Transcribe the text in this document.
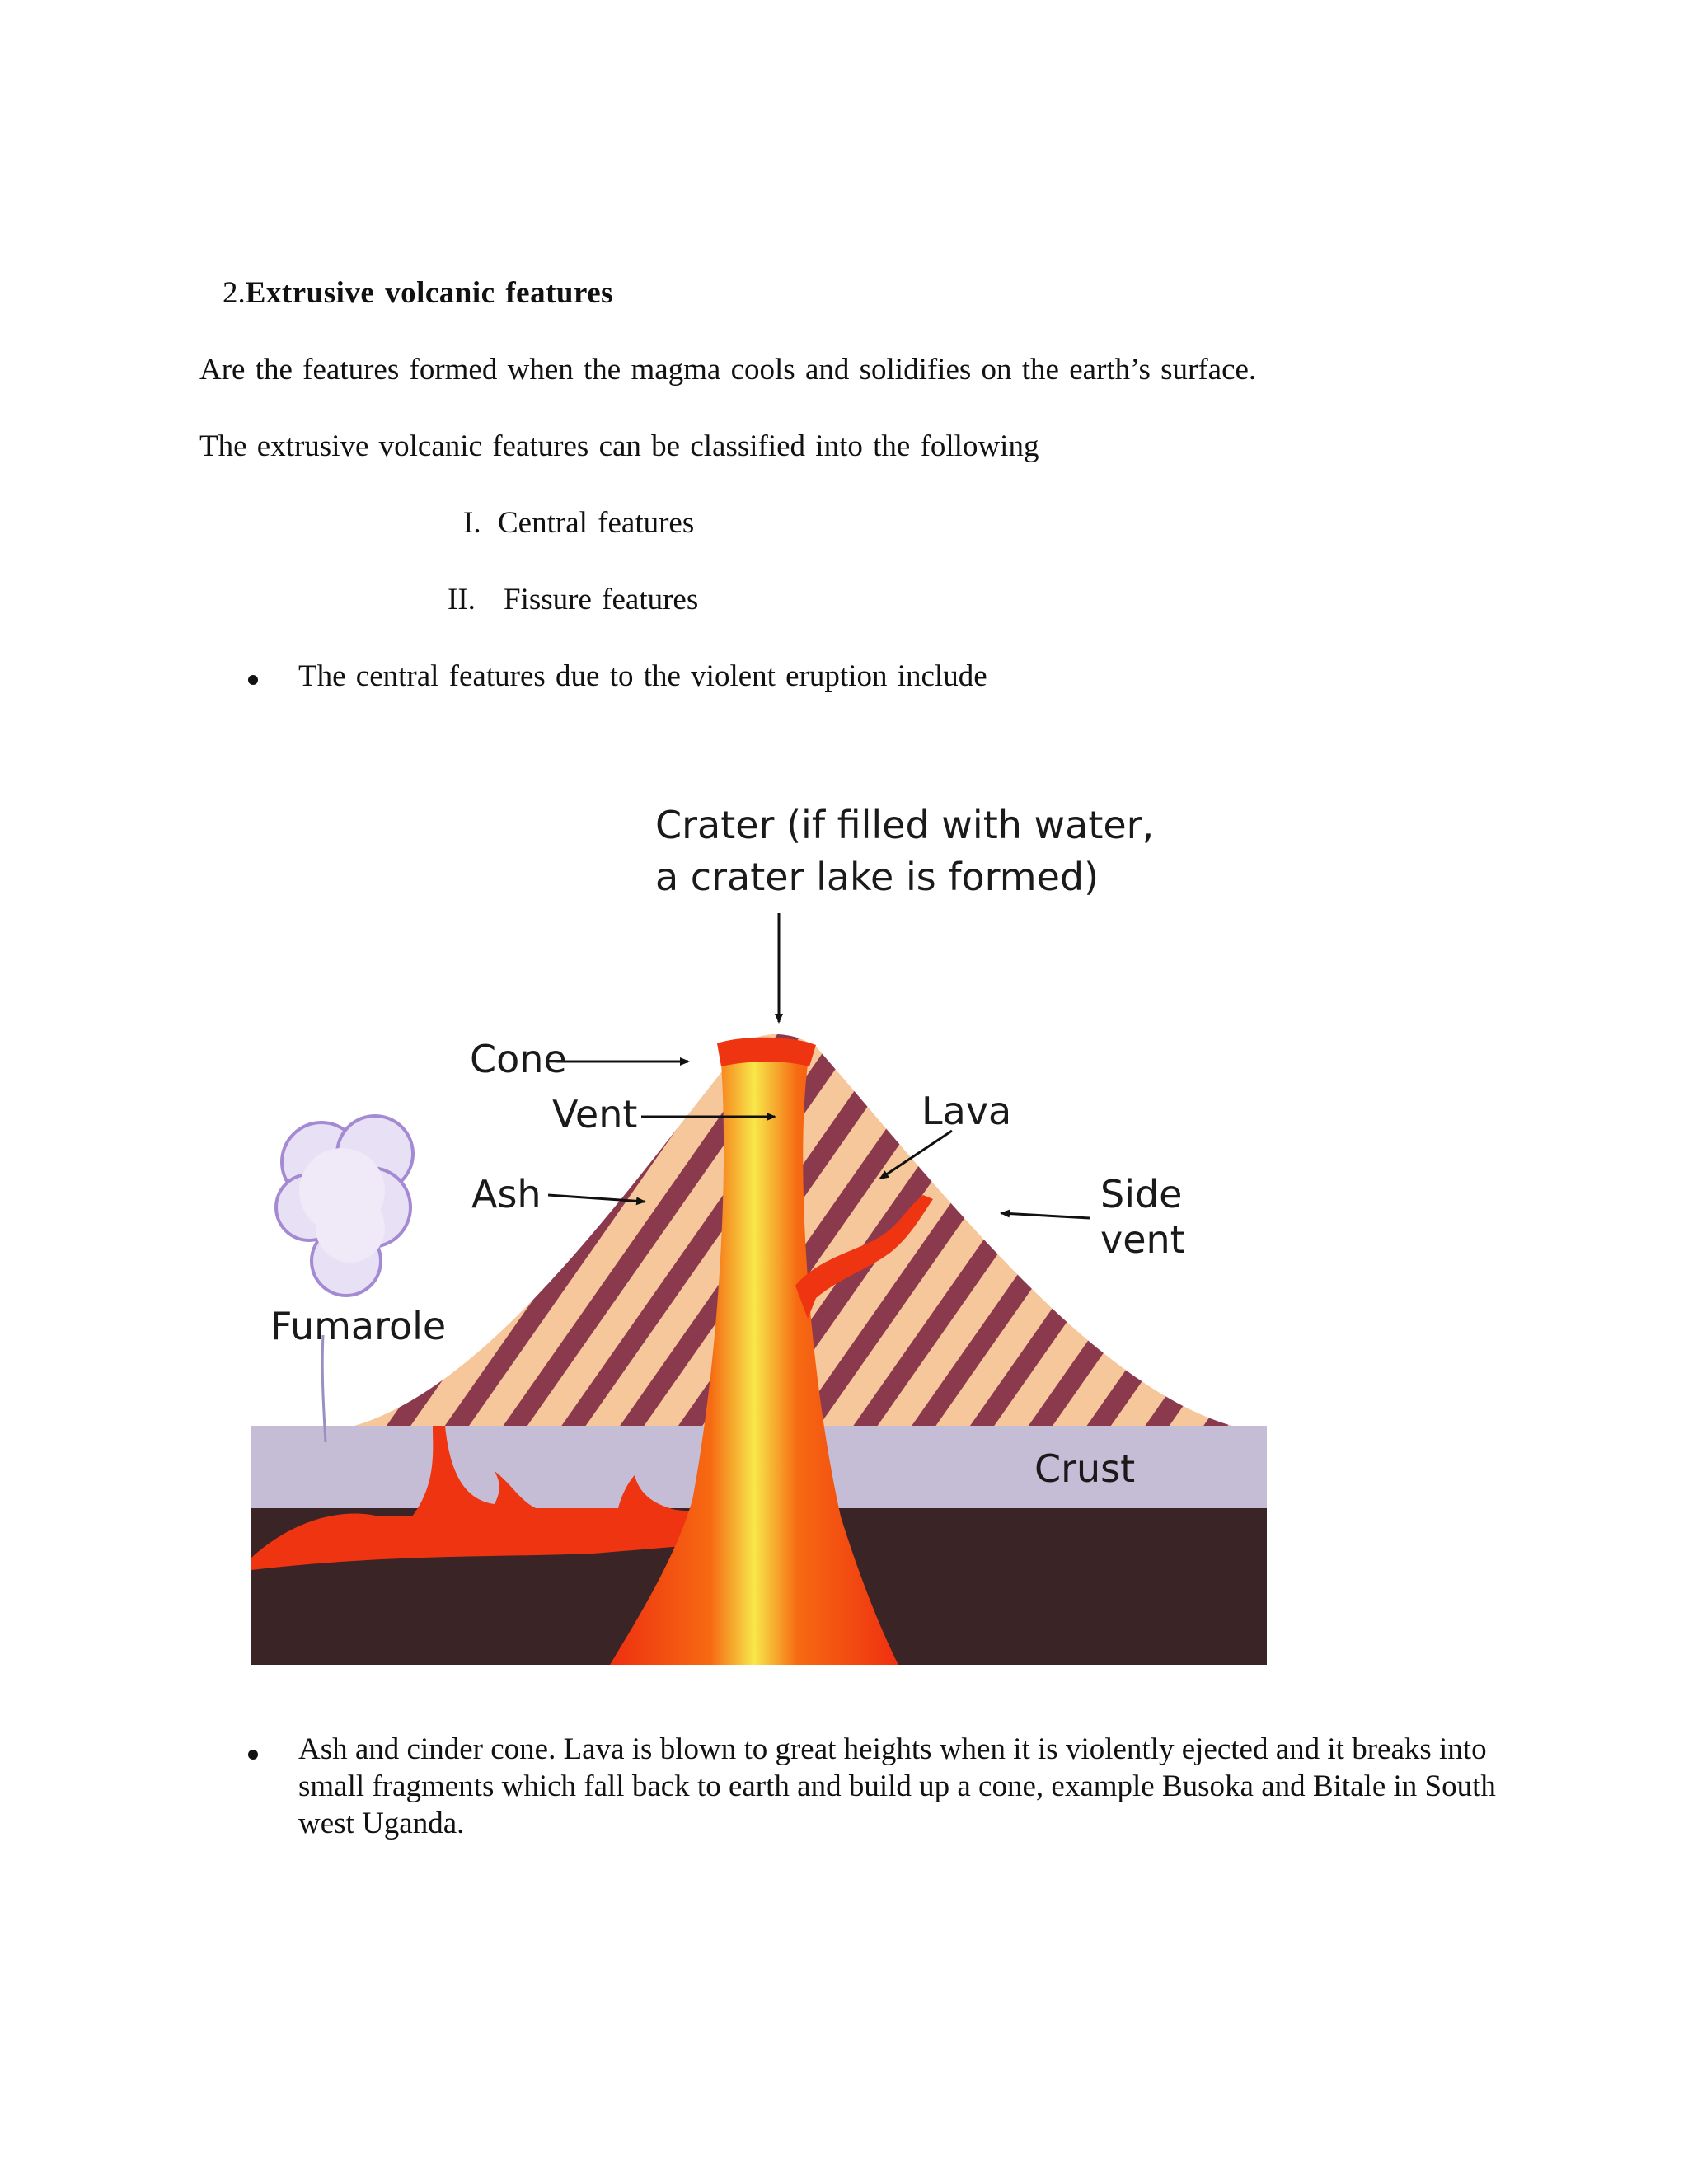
2.Extrusive volcanic features
Are the features formed when the magma cools and solidifies on the earth’s surface.
The extrusive volcanic features can be classified into the following
I. Central features
II. Fissure features
The central features due to the violent eruption include
Crater (if filled with water,
a crater lake is formed)
Cone
Vent	Lava
Ash	Side
vent
Fumarole
Crust
Ash and cinder cone. Lava is blown to great heights when it is violently ejected and it breaks into small fragments which fall back to earth and build up a cone, example Busoka and Bitale in South west Uganda.
